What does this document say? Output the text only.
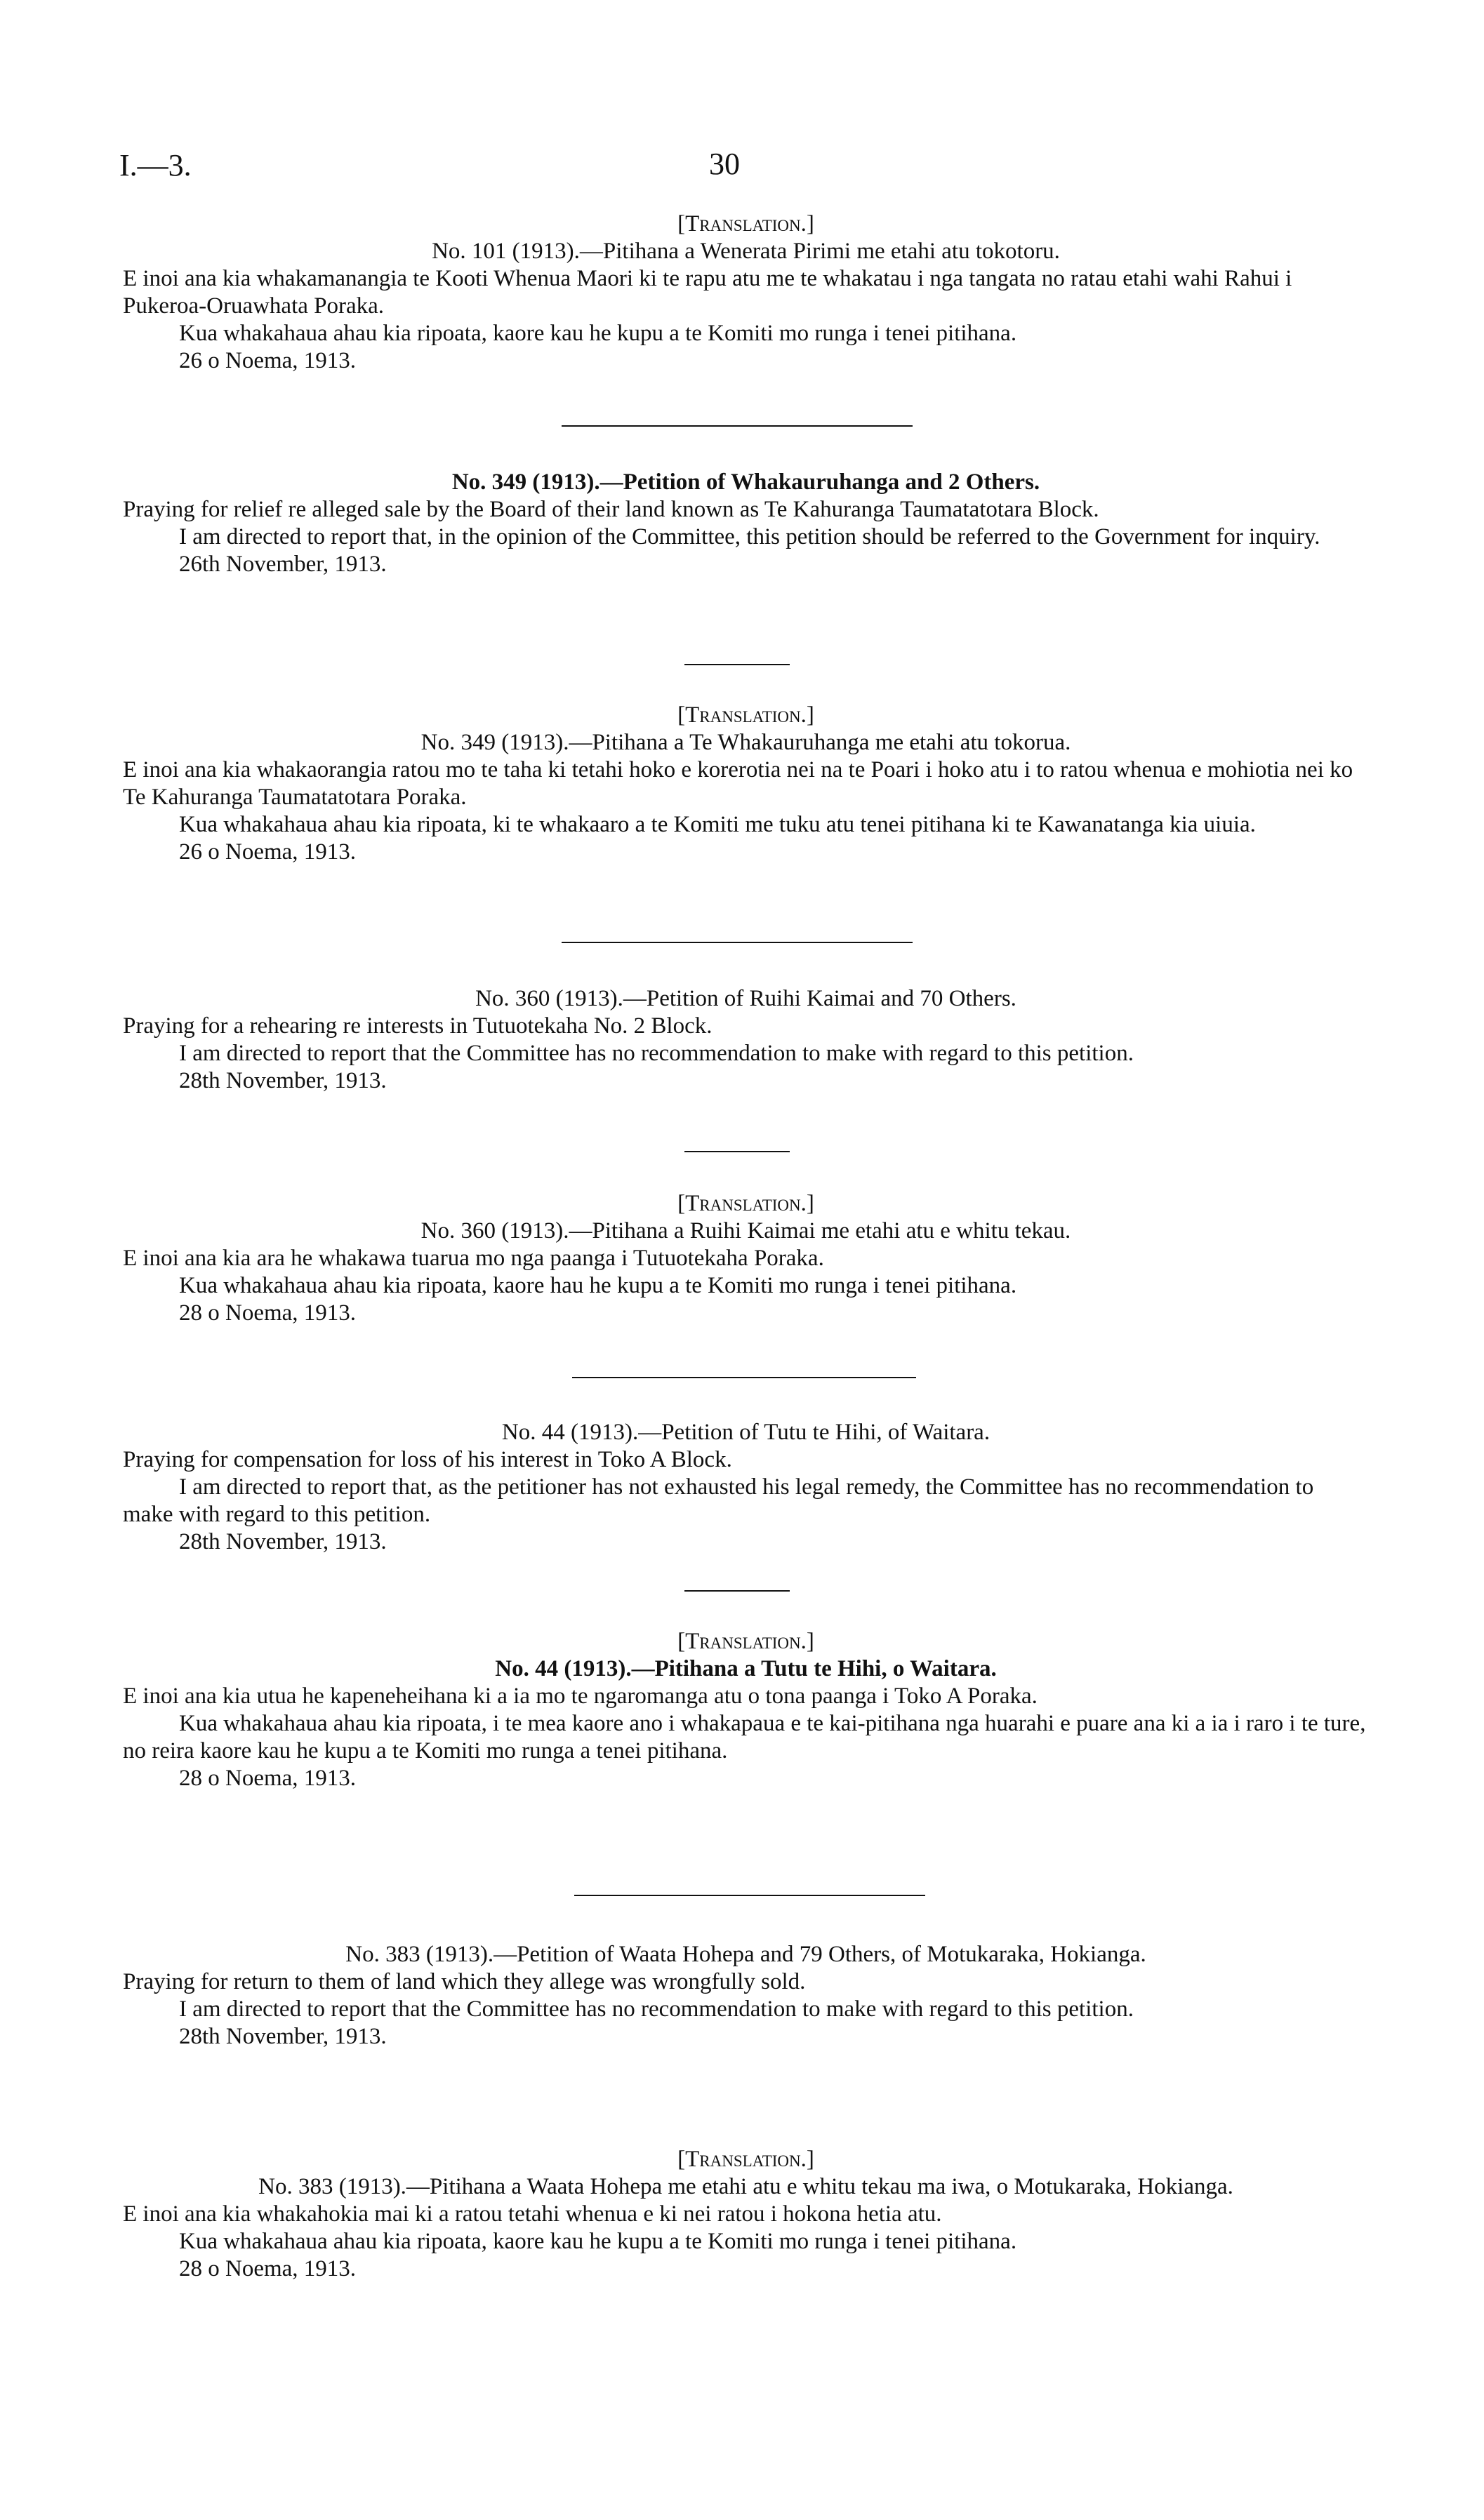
I.—3.	30

[Translation.]

No. 101 (1913).—Pitihana a Wenerata Pirimi me etahi atu tokotoru.

E inoi ana kia whakamanangia te Kooti Whenua Maori ki te rapu atu me te whakatau i nga tangata no ratau etahi wahi Rahui i Pukeroa-Oruawhata Poraka.

Kua whakahaua ahau kia ripoata, kaore kau he kupu a te Komiti mo runga i tenei pitihana.

26 o Noema, 1913.

No. 349 (1913).—Petition of Whakauruhanga and 2 Others.

Praying for relief re alleged sale by the Board of their land known as Te Kahuranga Taumatatotara Block.

I am directed to report that, in the opinion of the Committee, this petition should be referred to the Government for inquiry.

26th November, 1913.

[Translation.]

No. 349 (1913).—Pitihana a Te Whakauruhanga me etahi atu tokorua.

E inoi ana kia whakaorangia ratou mo te taha ki tetahi hoko e korerotia nei na te Poari i hoko atu i to ratou whenua e mohiotia nei ko Te Kahuranga Taumatatotara Poraka.

Kua whakahaua ahau kia ripoata, ki te whakaaro a te Komiti me tuku atu tenei pitihana ki te Kawanatanga kia uiuia.

26 o Noema, 1913.

No. 360 (1913).—Petition of Ruihi Kaimai and 70 Others.

Praying for a rehearing re interests in Tutuotekaha No. 2 Block.

I am directed to report that the Committee has no recommendation to make with regard to this petition.

28th November, 1913.

[Translation.]

No. 360 (1913).—Pitihana a Ruihi Kaimai me etahi atu e whitu tekau.

E inoi ana kia ara he whakawa tuarua mo nga paanga i Tutuotekaha Poraka.

Kua whakahaua ahau kia ripoata, kaore hau he kupu a te Komiti mo runga i tenei pitihana.

28 o Noema, 1913.

No. 44 (1913).—Petition of Tutu te Hihi, of Waitara.

Praying for compensation for loss of his interest in Toko A Block.

I am directed to report that, as the petitioner has not exhausted his legal remedy, the Committee has no recommendation to make with regard to this petition.

28th November, 1913.

[Translation.]

No. 44 (1913).—Pitihana a Tutu te Hihi, o Waitara.

E inoi ana kia utua he kapeneheihana ki a ia mo te ngaromanga atu o tona paanga i Toko A Poraka.

Kua whakahaua ahau kia ripoata, i te mea kaore ano i whakapaua e te kai-pitihana nga huarahi e puare ana ki a ia i raro i te ture, no reira kaore kau he kupu a te Komiti mo runga a tenei pitihana.

28 o Noema, 1913.

No. 383 (1913).—Petition of Waata Hohepa and 79 Others, of Motukaraka, Hokianga.

Praying for return to them of land which they allege was wrongfully sold.

I am directed to report that the Committee has no recommendation to make with regard to this petition.

28th November, 1913.

[Translation.]

No. 383 (1913).—Pitihana a Waata Hohepa me etahi atu e whitu tekau ma iwa, o Motukaraka, Hokianga.

E inoi ana kia whakahokia mai ki a ratou tetahi whenua e ki nei ratou i hokona hetia atu.

Kua whakahaua ahau kia ripoata, kaore kau he kupu a te Komiti mo runga i tenei pitihana.

28 o Noema, 1913.
